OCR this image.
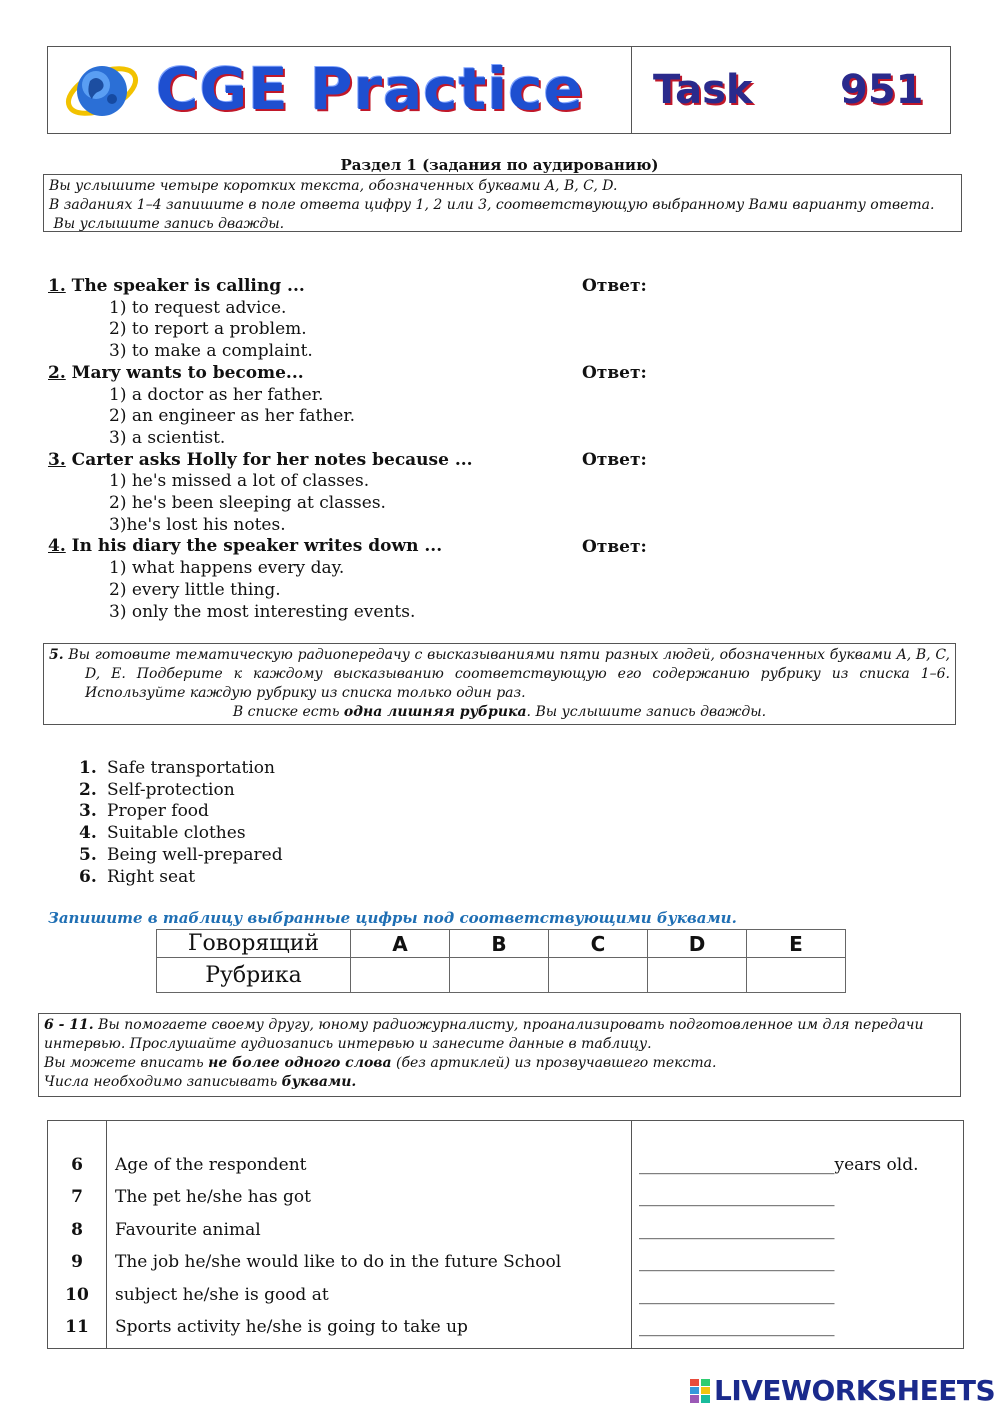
CGE Practice Task 951
Раздел 1 (задания по аудированию)
Вы услышите четыре коротких текста, обозначенных буквами A, B, C, D.
В заданиях 1–4 запишите в поле ответа цифру 1, 2 или 3, соответствующую выбранному Вами варианту ответа.
Вы услышите запись дважды.
1. The speaker is calling ...
1) to request advice.
2) to report a problem.
3) to make a complaint.
2. Mary wants to become...
1) a doctor as her father.
2) an engineer as her father.
3) a scientist.
3. Carter asks Holly for her notes because ...
1) he's missed a lot of classes.
2) he's been sleeping at classes.
3)he's lost his notes.
4. In his diary the speaker writes down ...
1) what happens every day.
2) every little thing.
3) only the most interesting events.
Ответ:
Ответ:
Ответ:
Ответ:
5. Вы готовите тематическую радиопередачу с высказываниями пяти разных людей, обозначенных буквами A, B, C, D, E. Подберите к каждому высказыванию соответствующую его содержанию рубрику из списка 1–6. Используйте каждую рубрику из списка только один раз.
В списке есть одна лишняя рубрика. Вы услышите запись дважды.
1. Safe transportation
2. Self-protection
3. Proper food
4. Suitable clothes
5. Being well-prepared
6. Right seat
Запишите в таблицу выбранные цифры под соответствующими буквами.
Говорящий	A	B	C	D	E
Рубрика					
6 - 11. Вы помогаете своему другу, юному радиожурналисту, проанализировать подготовленное им для передачи интервью. Прослушайте аудиозапись интервью и занесите данные в таблицу.
Вы можете вписать не более одного слова (без артиклей) из прозвучавшего текста.
Числа необходимо записывать буквами.
6	Age of the respondent	_______________________years old.
7	The pet he/she has got	_______________________
8	Favourite animal	_______________________
9	The job he/she would like to do in the future School	_______________________
10	subject he/she is good at	_______________________
11	Sports activity he/she is going to take up	_______________________
LIVEWORKSHEETS
